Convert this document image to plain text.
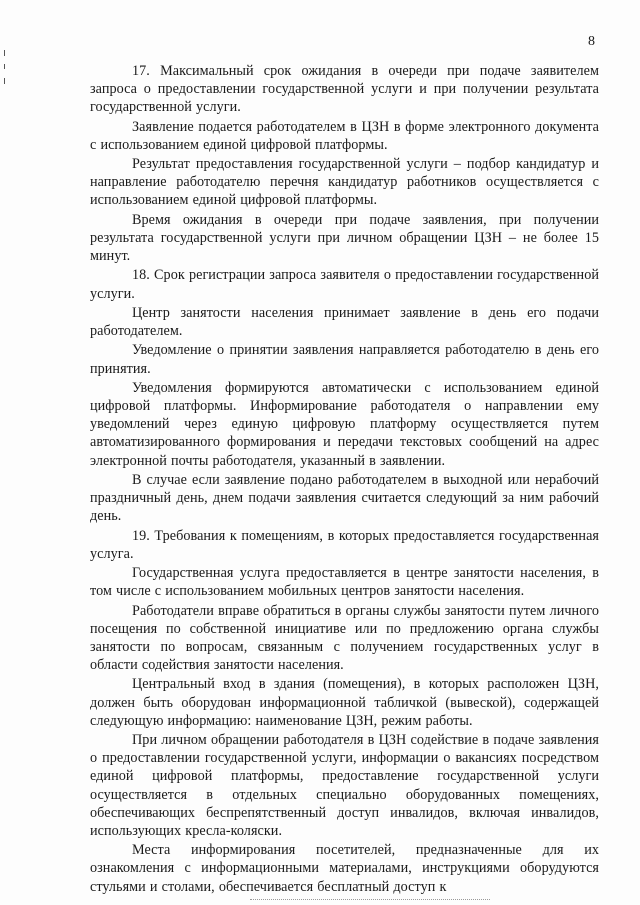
8

17. Максимальный срок ожидания в очереди при подаче заявителем запроса о предоставлении государственной услуги и при получении результата государственной услуги.

Заявление подается работодателем в ЦЗН в форме электронного документа с использованием единой цифровой платформы.

Результат предоставления государственной услуги – подбор кандидатур и направление работодателю перечня кандидатур работников осуществляется с использованием единой цифровой платформы.

Время ожидания в очереди при подаче заявления, при получении результата государственной услуги при личном обращении ЦЗН – не более 15 минут.

18. Срок регистрации запроса заявителя о предоставлении государственной услуги.

Центр занятости населения принимает заявление в день его подачи работодателем.

Уведомление о принятии заявления направляется работодателю в день его принятия.

Уведомления формируются автоматически с использованием единой цифровой платформы. Информирование работодателя о направлении ему уведомлений через единую цифровую платформу осуществляется путем автоматизированного формирования и передачи текстовых сообщений на адрес электронной почты работодателя, указанный в заявлении.

В случае если заявление подано работодателем в выходной или нерабочий праздничный день, днем подачи заявления считается следующий за ним рабочий день.

19. Требования к помещениям, в которых предоставляется государственная услуга.

Государственная услуга предоставляется в центре занятости населения, в том числе с использованием мобильных центров занятости населения.

Работодатели вправе обратиться в органы службы занятости путем личного посещения по собственной инициативе или по предложению органа службы занятости по вопросам, связанным с получением государственных услуг в области содействия занятости населения.

Центральный вход в здания (помещения), в которых расположен ЦЗН, должен быть оборудован информационной табличкой (вывеской), содержащей следующую информацию: наименование ЦЗН, режим работы.

При личном обращении работодателя в ЦЗН содействие в подаче заявления о предоставлении государственной услуги, информации о вакансиях посредством единой цифровой платформы, предоставление государственной услуги осуществляется в отдельных специально оборудованных помещениях, обеспечивающих беспрепятственный доступ инвалидов, включая инвалидов, использующих кресла-коляски.

Места информирования посетителей, предназначенные для их ознакомления с информационными материалами, инструкциями оборудуются стульями и столами, обеспечивается бесплатный доступ к
